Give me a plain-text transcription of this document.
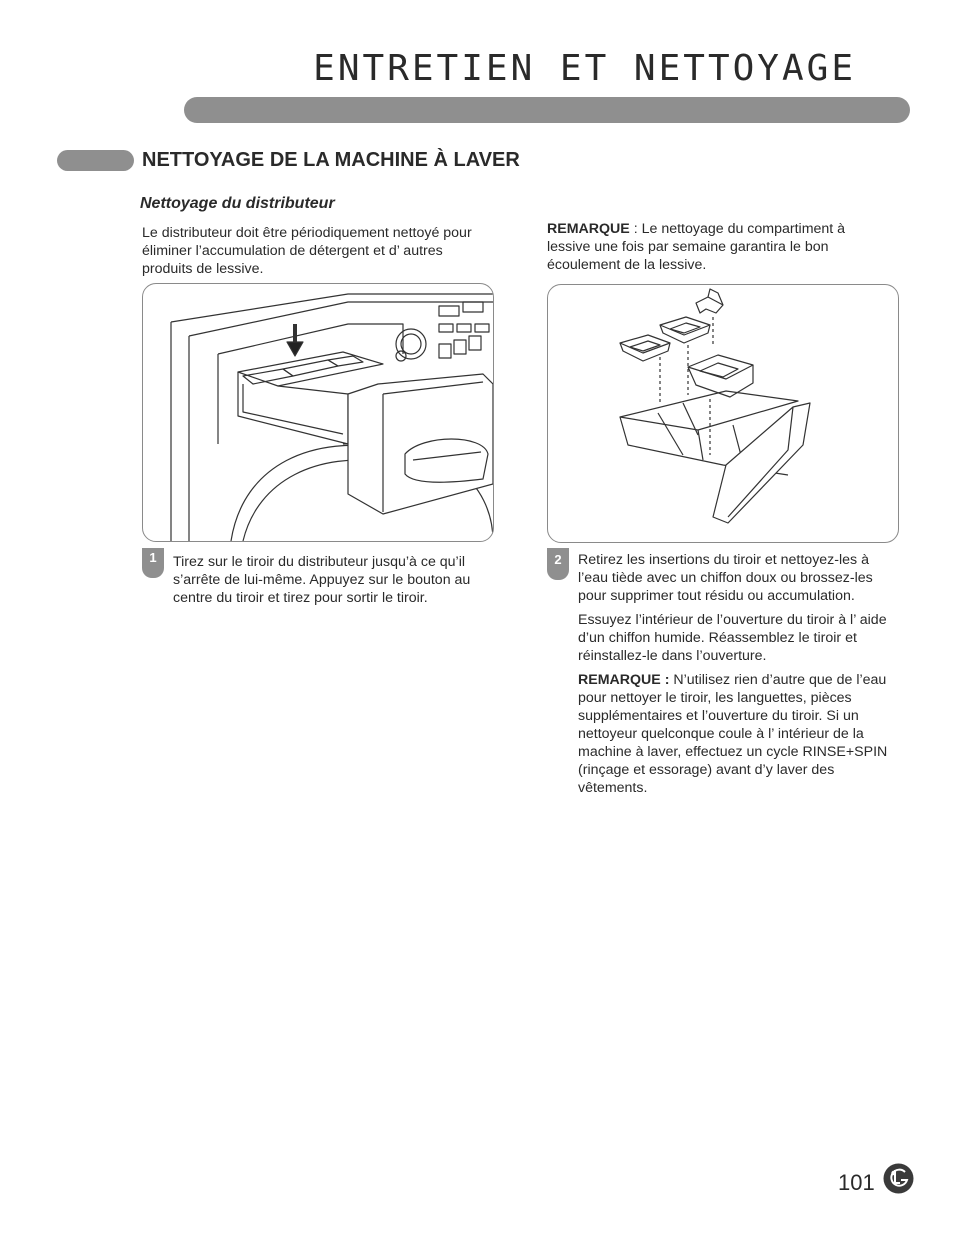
ENTRETIEN ET NETTOYAGE
NETTOYAGE DE LA MACHINE À LAVER
Nettoyage du distributeur
Le distributeur doit être périodiquement nettoyé pour éliminer l’accumulation de détergent et d’ autres produits de lessive.
REMARQUE : Le nettoyage du compartiment à lessive une fois par semaine garantira le bon écoulement de la lessive.
1	Tirez sur le tiroir du distributeur jusqu’à ce qu’il s’arrête de lui-même. Appuyez sur le bouton au centre du tiroir et tirez pour sortir le tiroir.
2	Retirez les insertions du tiroir et nettoyez-les à l’eau tiède avec un chiffon doux ou brossez-les pour supprimer tout résidu ou accumulation.

Essuyez l’intérieur de l’ouverture du tiroir à l’ aide d’un chiffon humide. Réassemblez le tiroir et réinstallez-le dans l’ouverture.

REMARQUE : N’utilisez rien d’autre que de l’eau pour nettoyer le tiroir, les languettes, pièces supplémentaires et l’ouverture du tiroir. Si un nettoyeur quelconque coule à l’ intérieur de la machine à laver, effectuez un cycle RINSE+SPIN (rinçage et essorage) avant d’y laver des vêtements.

101
